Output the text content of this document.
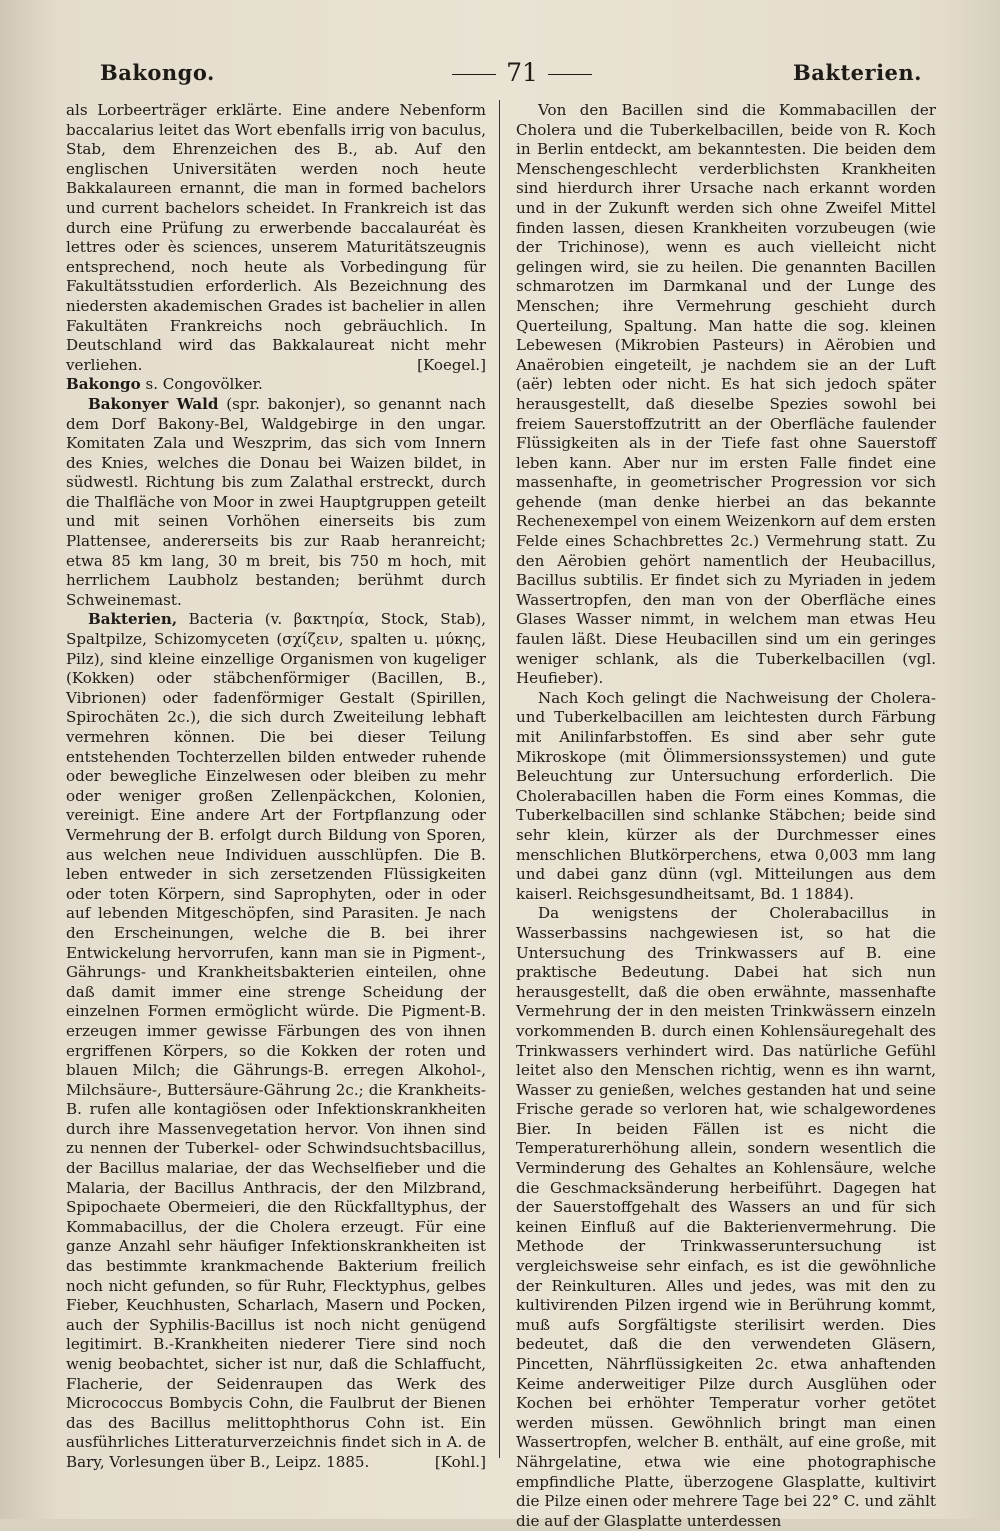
Bakongo.	71	Bakterien.

als Lorbeerträger erklärte. Eine andere Nebenform baccalarius leitet das Wort ebenfalls irrig von baculus, Stab, dem Ehrenzeichen des B., ab. Auf den englischen Universitäten werden noch heute Bakkalaureen ernannt, die man in formed bachelors und current bachelors scheidet. In Frankreich ist das durch eine Prüfung zu erwerbende baccalauréat ès lettres oder ès sciences, unserem Maturitätszeugnis entsprechend, noch heute als Vorbedingung für Fakultätsstudien erforderlich. Als Bezeichnung des niedersten akademischen Grades ist bachelier in allen Fakultäten Frankreichs noch gebräuchlich. In Deutschland wird das Bakkalaureat nicht mehr verliehen.	[Koegel.]

Bakongo s. Congovölker.

Bakonyer Wald (spr. bakonjer), so genannt nach dem Dorf Bakony-Bel, Waldgebirge in den ungar. Komitaten Zala und Weszprim, das sich vom Innern des Knies, welches die Donau bei Waizen bildet, in südwestl. Richtung bis zum Zalathal erstreckt, durch die Thalfläche von Moor in zwei Hauptgruppen geteilt und mit seinen Vorhöhen einerseits bis zum Plattensee, andererseits bis zur Raab heranreicht; etwa 85 km lang, 30 m breit, bis 750 m hoch, mit herrlichem Laubholz bestanden; berühmt durch Schweinemast.

Bakterien, Bacteria (v. βακτηρία, Stock, Stab), Spaltpilze, Schizomyceten (σχίζειν, spalten u. μύκης, Pilz), sind kleine einzellige Organismen von kugeliger (Kokken) oder stäbchenförmiger (Bacillen, B., Vibrionen) oder fadenförmiger Gestalt (Spirillen, Spirochäten 2c.), die sich durch Zweiteilung lebhaft vermehren können. Die bei dieser Teilung entstehenden Tochterzellen bilden entweder ruhende oder bewegliche Einzelwesen oder bleiben zu mehr oder weniger großen Zellenpäckchen, Kolonien, vereinigt. Eine andere Art der Fortpflanzung oder Vermehrung der B. erfolgt durch Bildung von Sporen, aus welchen neue Individuen ausschlüpfen. Die B. leben entweder in sich zersetzenden Flüssigkeiten oder toten Körpern, sind Saprophyten, oder in oder auf lebenden Mitgeschöpfen, sind Parasiten. Je nach den Erscheinungen, welche die B. bei ihrer Entwickelung hervorrufen, kann man sie in Pigment-, Gährungs- und Krankheitsbakterien einteilen, ohne daß damit immer eine strenge Scheidung der einzelnen Formen ermöglicht würde. Die Pigment-B. erzeugen immer gewisse Färbungen des von ihnen ergriffenen Körpers, so die Kokken der roten und blauen Milch; die Gährungs-B. erregen Alkohol-, Milchsäure-, Buttersäure-Gährung 2c.; die Krankheits-B. rufen alle kontagiösen oder Infektionskrankheiten durch ihre Massenvegetation hervor. Von ihnen sind zu nennen der Tuberkel- oder Schwindsuchtsbacillus, der Bacillus malariae, der das Wechselfieber und die Malaria, der Bacillus Anthracis, der den Milzbrand, Spipochaete Obermeieri, die den Rückfalltyphus, der Kommabacillus, der die Cholera erzeugt. Für eine ganze Anzahl sehr häufiger Infektionskrankheiten ist das bestimmte krankmachende Bakterium freilich noch nicht gefunden, so für Ruhr, Flecktyphus, gelbes Fieber, Keuchhusten, Scharlach, Masern und Pocken, auch der Syphilis-Bacillus ist noch nicht genügend legitimirt. B.-Krankheiten niederer Tiere sind noch wenig beobachtet, sicher ist nur, daß die Schlaffucht, Flacherie, der Seidenraupen das Werk des Micrococcus Bombycis Cohn, die Faulbrut der Bienen das des Bacillus melittophthorus Cohn ist. Ein ausführliches Litteraturverzeichnis findet sich in A. de Bary, Vorlesungen über B., Leipz. 1885.	[Kohl.]

Von den Bacillen sind die Kommabacillen der Cholera und die Tuberkelbacillen, beide von R. Koch in Berlin entdeckt, am bekanntesten. Die beiden dem Menschengeschlecht verderblichsten Krankheiten sind hierdurch ihrer Ursache nach erkannt worden und in der Zukunft werden sich ohne Zweifel Mittel finden lassen, diesen Krankheiten vorzubeugen (wie der Trichinose), wenn es auch vielleicht nicht gelingen wird, sie zu heilen. Die genannten Bacillen schmarotzen im Darmkanal und der Lunge des Menschen; ihre Vermehrung geschieht durch Querteilung, Spaltung. Man hatte die sog. kleinen Lebewesen (Mikrobien Pasteurs) in Aërobien und Anaërobien eingeteilt, je nachdem sie an der Luft (aër) lebten oder nicht. Es hat sich jedoch später herausgestellt, daß dieselbe Spezies sowohl bei freiem Sauerstoffzutritt an der Oberfläche faulender Flüssigkeiten als in der Tiefe fast ohne Sauerstoff leben kann. Aber nur im ersten Falle findet eine massenhafte, in geometrischer Progression vor sich gehende (man denke hierbei an das bekannte Rechenexempel von einem Weizenkorn auf dem ersten Felde eines Schachbrettes 2c.) Vermehrung statt. Zu den Aërobien gehört namentlich der Heubacillus, Bacillus subtilis. Er findet sich zu Myriaden in jedem Wassertropfen, den man von der Oberfläche eines Glases Wasser nimmt, in welchem man etwas Heu faulen läßt. Diese Heubacillen sind um ein geringes weniger schlank, als die Tuberkelbacillen (vgl. Heufieber).

Nach Koch gelingt die Nachweisung der Cholera- und Tuberkelbacillen am leichtesten durch Färbung mit Anilinfarbstoffen. Es sind aber sehr gute Mikroskope (mit Ölimmersionssystemen) und gute Beleuchtung zur Untersuchung erforderlich. Die Cholerabacillen haben die Form eines Kommas, die Tuberkelbacillen sind schlanke Stäbchen; beide sind sehr klein, kürzer als der Durchmesser eines menschlichen Blutkörperchens, etwa 0,003 mm lang und dabei ganz dünn (vgl. Mitteilungen aus dem kaiserl. Reichsgesundheitsamt, Bd. 1 1884).

Da wenigstens der Cholerabacillus in Wasserbassins nachgewiesen ist, so hat die Untersuchung des Trinkwassers auf B. eine praktische Bedeutung. Dabei hat sich nun herausgestellt, daß die oben erwähnte, massenhafte Vermehrung der in den meisten Trinkwässern einzeln vorkommenden B. durch einen Kohlensäuregehalt des Trinkwassers verhindert wird. Das natürliche Gefühl leitet also den Menschen richtig, wenn es ihn warnt, Wasser zu genießen, welches gestanden hat und seine Frische gerade so verloren hat, wie schalgewordenes Bier. In beiden Fällen ist es nicht die Temperaturerhöhung allein, sondern wesentlich die Verminderung des Gehaltes an Kohlensäure, welche die Geschmacksänderung herbeiführt. Dagegen hat der Sauerstoffgehalt des Wassers an und für sich keinen Einfluß auf die Bakterienvermehrung. Die Methode der Trinkwasseruntersuchung ist vergleichsweise sehr einfach, es ist die gewöhnliche der Reinkulturen. Alles und jedes, was mit den zu kultivirenden Pilzen irgend wie in Berührung kommt, muß aufs Sorgfältigste sterilisirt werden. Dies bedeutet, daß die den verwendeten Gläsern, Pincetten, Nährflüssigkeiten 2c. etwa anhaftenden Keime anderweitiger Pilze durch Ausglühen oder Kochen bei erhöhter Temperatur vorher getötet werden müssen. Gewöhnlich bringt man einen Wassertropfen, welcher B. enthält, auf eine große, mit Nährgelatine, etwa wie eine photographische empfindliche Platte, überzogene Glasplatte, kultivirt die Pilze einen oder mehrere Tage bei 22° C. und zählt die auf der Glasplatte unterdessen
